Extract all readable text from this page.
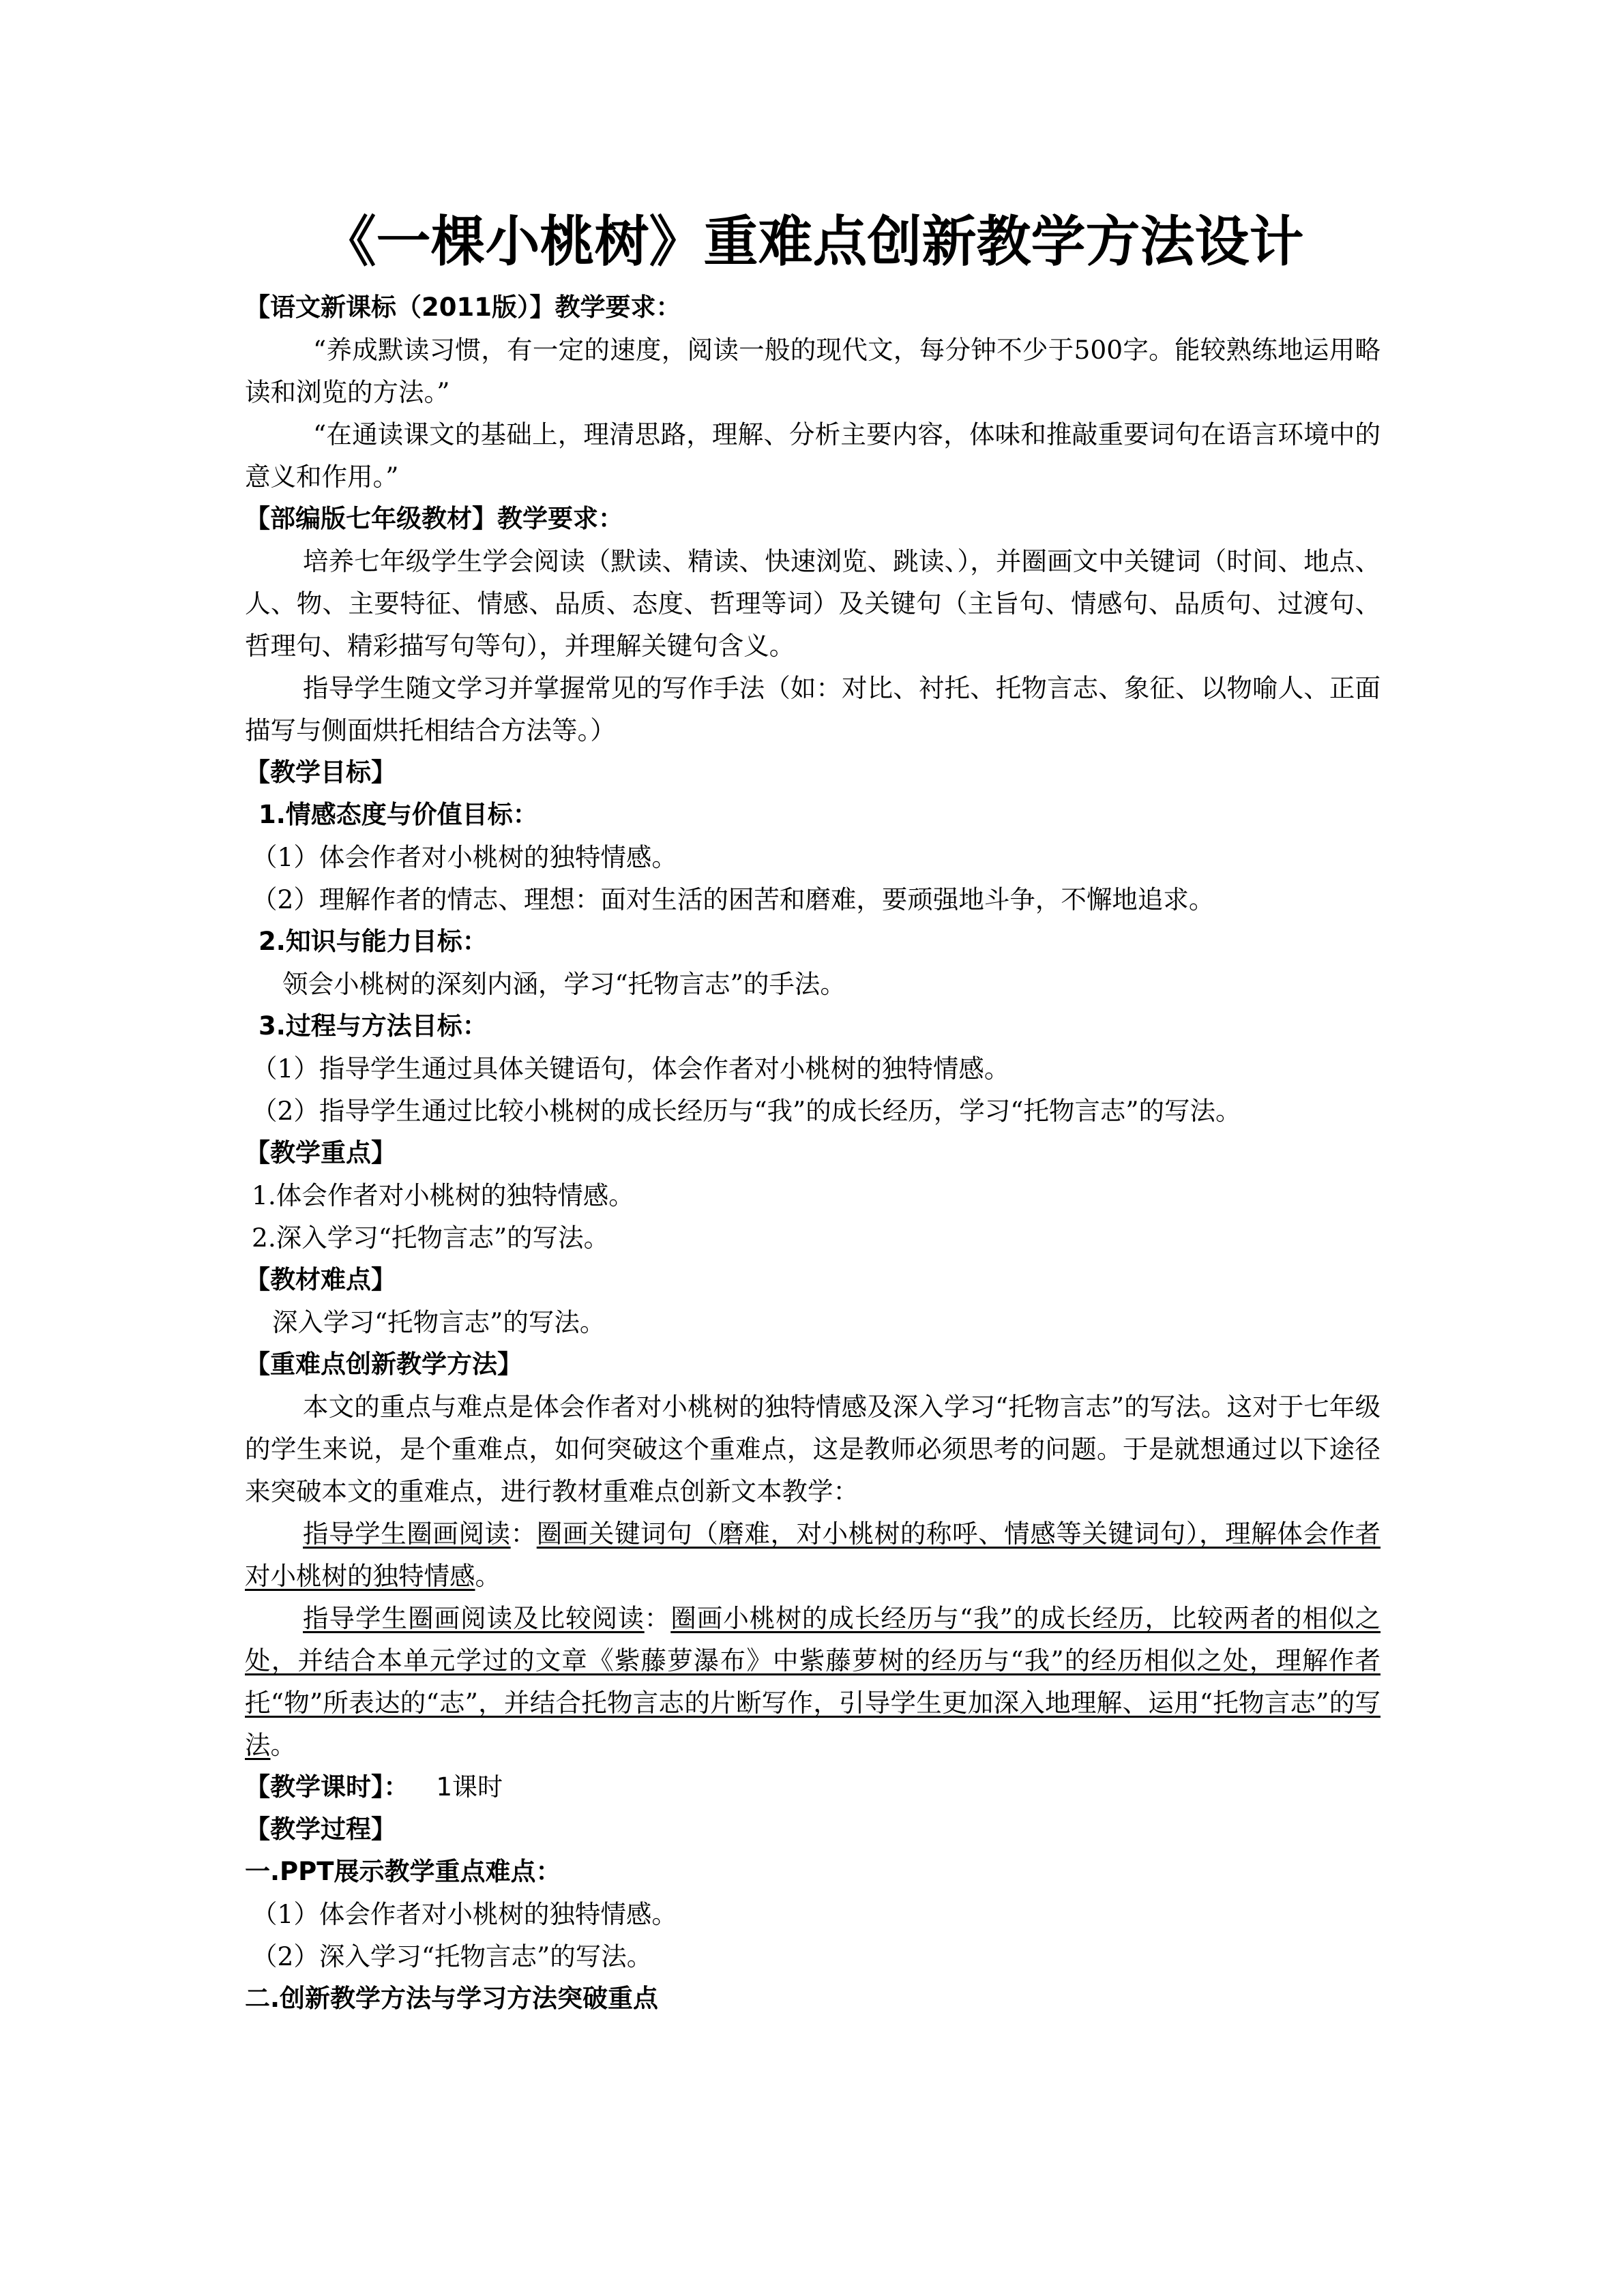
《一棵小桃树》重难点创新教学方法设计
【语文新课标（2011版）】教学要求：

“养成默读习惯，有一定的速度，阅读一般的现代文，每分钟不少于500字。能较熟练地运用略读和浏览的方法。”

“在通读课文的基础上，理清思路，理解、分析主要内容，体味和推敲重要词句在语言环境中的意义和作用。”

【部编版七年级教材】教学要求：

培养七年级学生学会阅读（默读、精读、快速浏览、跳读、），并圈画文中关键词（时间、地点、人、物、主要特征、情感、品质、态度、哲理等词）及关键句（主旨句、情感句、品质句、过渡句、哲理句、精彩描写句等句），并理解关键句含义。

指导学生随文学习并掌握常见的写作手法（如：对比、衬托、托物言志、象征、以物喻人、正面描写与侧面烘托相结合方法等。）

【教学目标】
1.情感态度与价值目标：

（1）体会作者对小桃树的独特情感。

（2）理解作者的情志、理想：面对生活的困苦和磨难，要顽强地斗争，不懈地追求。

2.知识与能力目标：

领会小桃树的深刻内涵，学习“托物言志”的手法。

3.过程与方法目标：

（1）指导学生通过具体关键语句，体会作者对小桃树的独特情感。

（2）指导学生通过比较小桃树的成长经历与“我”的成长经历，学习“托物言志”的写法。

【教学重点】

1.体会作者对小桃树的独特情感。

2.深入学习“托物言志”的写法。

【教材难点】

深入学习“托物言志”的写法。

【重难点创新教学方法】

本文的重点与难点是体会作者对小桃树的独特情感及深入学习“托物言志”的写法。这对于七年级的学生来说，是个重难点，如何突破这个重难点，这是教师必须思考的问题。于是就想通过以下途径来突破本文的重难点，进行教材重难点创新文本教学：

指导学生圈画阅读：圈画关键词句（磨难，对小桃树的称呼、情感等关键词句），理解体会作者对小桃树的独特情感。

指导学生圈画阅读及比较阅读：圈画小桃树的成长经历与“我”的成长经历，比较两者的相似之处，并结合本单元学过的文章《紫藤萝瀑布》中紫藤萝树的经历与“我”的经历相似之处，理解作者托“物”所表达的“志”，并结合托物言志的片断写作，引导学生更加深入地理解、运用“托物言志”的写法。

【教学课时】： 1课时
【教学过程】
一.PPT展示教学重点难点：

（1）体会作者对小桃树的独特情感。

（2）深入学习“托物言志”的写法。

二.创新教学方法与学习方法突破重点
